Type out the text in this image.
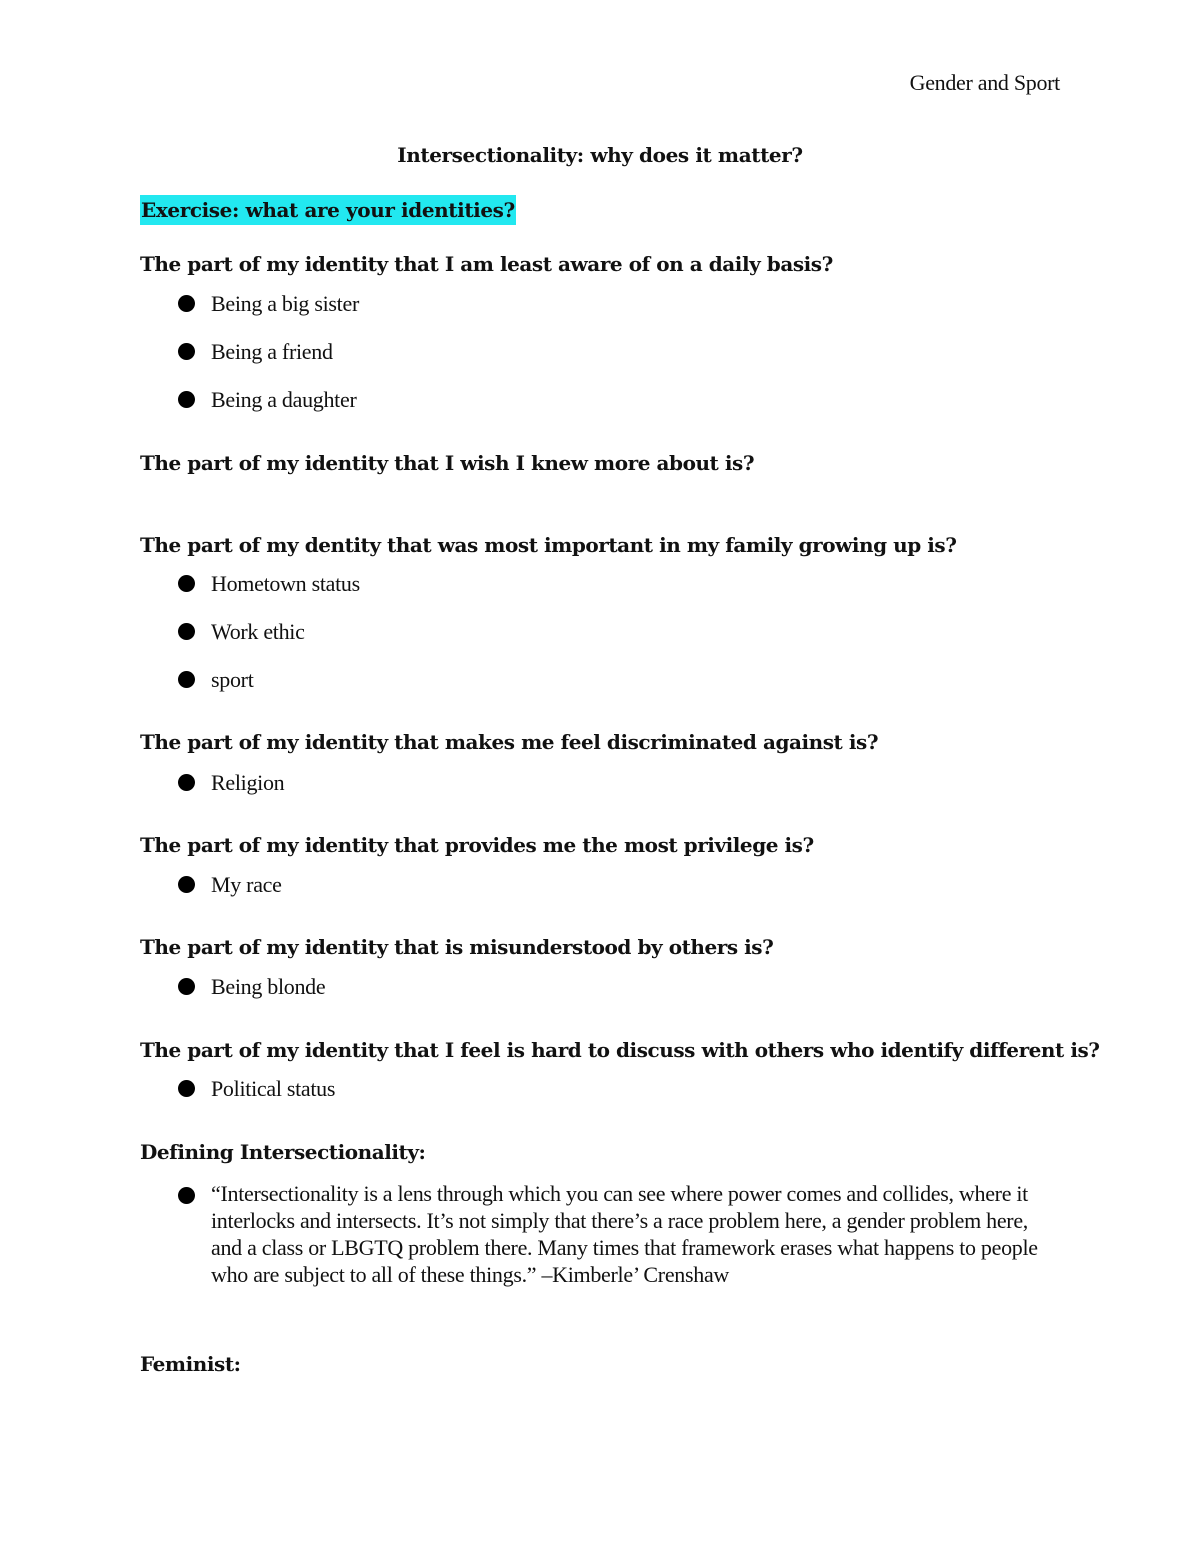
Gender and Sport
Intersectionality: why does it matter?
Exercise: what are your identities?
The part of my identity that I am least aware of on a daily basis?
Being a big sister
Being a friend
Being a daughter
The part of my identity that I wish I knew more about is?
The part of my dentity that was most important in my family growing up is?
Hometown status
Work ethic
sport
The part of my identity that makes me feel discriminated against is?
Religion
The part of my identity that provides me the most privilege is?
My race
The part of my identity that is misunderstood by others is?
Being blonde
The part of my identity that I feel is hard to discuss with others who identify different is?
Political status
Defining Intersectionality:
“Intersectionality is a lens through which you can see where power comes and collides, where it interlocks and intersects. It’s not simply that there’s a race problem here, a gender problem here, and a class or LBGTQ problem there. Many times that framework erases what happens to people who are subject to all of these things.” –Kimberle’ Crenshaw
Feminist:
